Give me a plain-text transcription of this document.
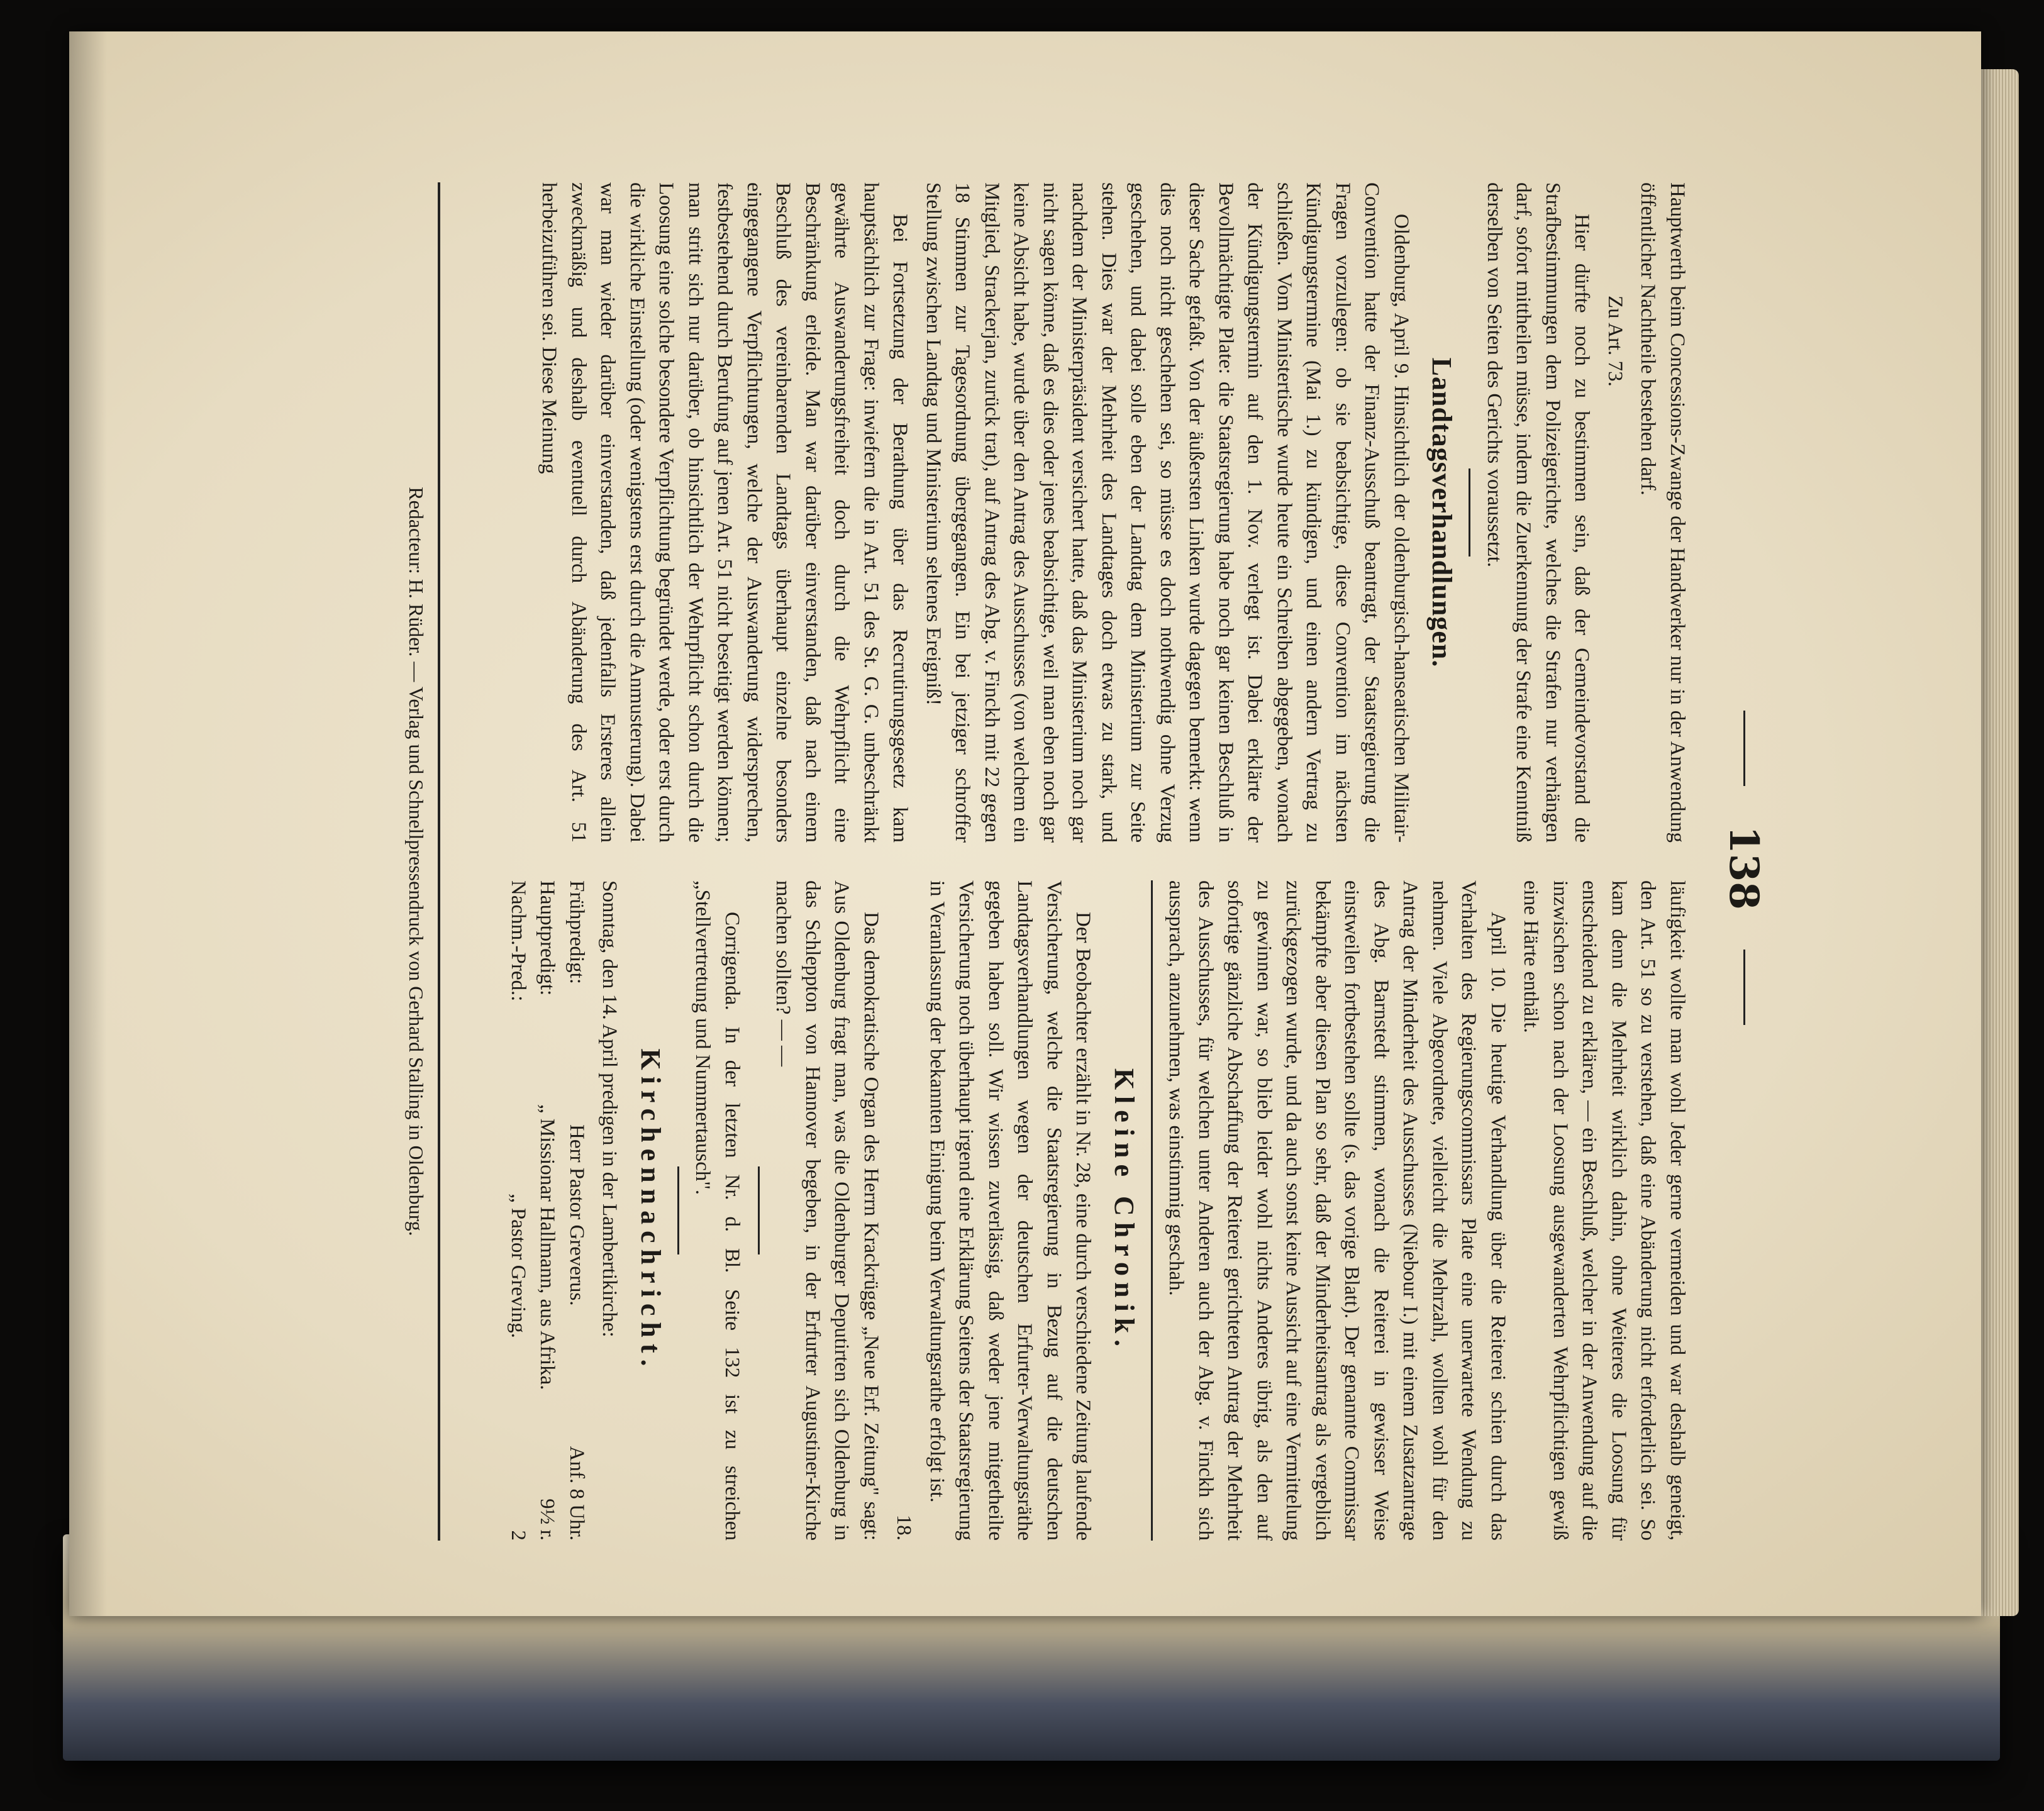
138

Hauptwerth beim Concessions-Zwange der Handwerker nur in der Anwendung öffentlicher Nachtheile bestehen darf.

Zu Art. 73.

Hier dürfte noch zu bestimmen sein, daß der Gemeindevorstand die Strafbestimmungen dem Polizeigerichte, welches die Strafen nur verhängen darf, sofort mittheilen müsse, indem die Zuerkennung der Strafe eine Kenntniß derselben von Seiten des Gerichts voraussetzt.

Landtagsverhandlungen.

Oldenburg, April 9. Hinsichtlich der oldenburgisch-hanseatischen Militair-Convention hatte der Finanz-Ausschuß beantragt, der Staatsregierung die Fragen vorzulegen: ob sie beabsichtige, diese Convention im nächsten Kündigungstermine (Mai 1.) zu kündigen, und einen andern Vertrag zu schließen. Vom Ministertische wurde heute ein Schreiben abgegeben, wonach der Kündigungstermin auf den 1. Nov. verlegt ist. Dabei erklärte der Bevollmächtigte Plate: die Staatsregierung habe noch gar keinen Beschluß in dieser Sache gefaßt. Von der äußersten Linken wurde dagegen bemerkt: wenn dies noch nicht geschehen sei, so müsse es doch nothwendig ohne Verzug geschehen, und dabei solle eben der Landtag dem Ministerium zur Seite stehen. Dies war der Mehrheit des Landtages doch etwas zu stark, und nachdem der Ministerpräsident versichert hatte, daß das Ministerium noch gar nicht sagen könne, daß es dies oder jenes beabsichtige, weil man eben noch gar keine Absicht habe, wurde über den Antrag des Ausschusses (von welchem ein Mitglied, Strackerjan, zurück trat), auf Antrag des Abg. v. Finckh mit 22 gegen 18 Stimmen zur Tagesordnung übergegangen. Ein bei jetziger schroffer Stellung zwischen Landtag und Ministerium seltenes Ereigniß!

Bei Fortsetzung der Berathung über das Recrutirungsgesetz kam hauptsächlich zur Frage: inwiefern die in Art. 51 des St. G. G. unbeschränkt gewährte Auswanderungsfreiheit doch durch die Wehrpflicht eine Beschränkung erleide. Man war darüber einverstanden, daß nach einem Beschluß des vereinbarenden Landtags überhaupt einzelne besonders eingegangene Verpflichtungen, welche der Auswanderung widersprechen, festbestehend durch Berufung auf jenen Art. 51 nicht beseitigt werden können; man stritt sich nur darüber, ob hinsichtlich der Wehrpflicht schon durch die Loosung eine solche besondere Verpflichtung begründet werde, oder erst durch die wirkliche Einstellung (oder wenigstens erst durch die Anmusterung). Dabei war man wieder darüber einverstanden, daß jedenfalls Ersteres allein zweckmäßig und deshalb eventuell durch Abänderung des Art. 51 herbeizuführen sei. Diese Meinung

läufigkeit wollte man wohl Jeder gerne vermeiden und war deshalb geneigt, den Art. 51 so zu verstehen, daß eine Abänderung nicht erforderlich sei. So kam denn die Mehrheit wirklich dahin, ohne Weiteres die Loosung für entscheidend zu erklären, — ein Beschluß, welcher in der Anwendung auf die inzwischen schon nach der Loosung ausgewanderten Wehrpflichtigen gewiß eine Härte enthält.

April 10. Die heutige Verhandlung über die Reiterei schien durch das Verhalten des Regierungscommissars Plate eine unerwartete Wendung zu nehmen. Viele Abgeordnete, vielleicht die Mehrzahl, wollten wohl für den Antrag der Minderheit des Ausschusses (Niebour I.) mit einem Zusatzantrage des Abg. Barnstedt stimmen, wonach die Reiterei in gewisser Weise einstweilen fortbestehen sollte (s. das vorige Blatt). Der genannte Commissar bekämpfte aber diesen Plan so sehr, daß der Minderheitsantrag als vergeblich zurückgezogen wurde, und da auch sonst keine Aussicht auf eine Vermittelung zu gewinnen war, so blieb leider wohl nichts Anderes übrig, als den auf sofortige gänzliche Abschaffung der Reiterei gerichteten Antrag der Mehrheit des Ausschusses, für welchen unter Anderen auch der Abg. v. Finckh sich aussprach, anzunehmen, was einstimmig geschah.

Kleine Chronik.

Der Beobachter erzählt in Nr. 28, eine durch verschiedene Zeitung laufende Versicherung, welche die Staatsregierung in Bezug auf die deutschen Landtagsverhandlungen wegen der deutschen Erfurter-Verwaltungsräthe gegeben haben soll. Wir wissen zuverlässig, daß weder jene mitgetheilte Versicherung noch überhaupt irgend eine Erklärung Seitens der Staatsregierung in Veranlassung der bekannten Einigung beim Verwaltungsrathe erfolgt ist.

18.

Das demokratische Organ des Herrn Krackrügge „Neue Erf. Zeitung" sagt: Aus Oldenburg fragt man, was die Oldenburger Deputirten sich Oldenburg in das Schleppton von Hannover begeben, in der Erfurter Augustiner-Kirche machen sollten? — —

Corrigenda. In der letzten Nr. d. Bl. Seite 132 ist zu streichen „Stellvertretung und Nummertausch".

Kirchennachricht.

Sonntag, den 14. April predigen in der Lambertikirche:

Frühpredigt:
Herr Pastor Greverus.
Anf. 8 Uhr.
Hauptpredigt:
„ Missionar Hallmann, aus Afrika.
9½ r.
Nachm.-Pred.:
„ Pastor Greving.
2
Redacteur: H. Rüder. — Verlag und Schnellpressendruck von Gerhard Stalling in Oldenburg.
